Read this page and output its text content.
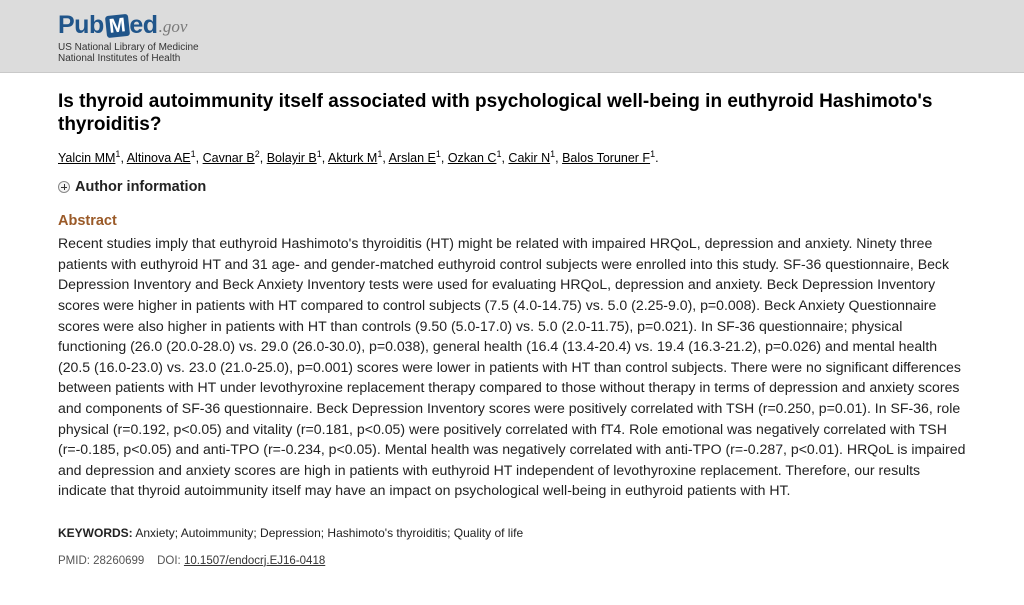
Pub M ed .gov
US National Library of Medicine
National Institutes of Health
Is thyroid autoimmunity itself associated with psychological well-being in euthyroid Hashimoto's thyroiditis?
Yalcin $MM^1$, Altinova $AE^1$, Cavnar $B^2$, Bolayir $B^1$, Akturk $M^1$, Arslan $E^1$, Ozkan $C^1$, Cakir $N^1$, Balos Toruner $F^1$.
Author information
Abstract
Recent studies imply that euthyroid Hashimoto's thyroiditis (HT) might be related with impaired HRQoL, depression and anxiety. Ninety three patients with euthyroid HT and 31 age- and gender-matched euthyroid control subjects were enrolled into this study. SF-36 questionnaire, Beck Depression Inventory and Beck Anxiety Inventory tests were used for evaluating HRQoL, depression and anxiety. Beck Depression Inventory scores were higher in patients with HT compared to control subjects (7.5 (4.0-14.75) vs. 5.0 (2.25-9.0), p=0.008). Beck Anxiety Questionnaire scores were also higher in patients with HT than controls (9.50 (5.0-17.0) vs. 5.0 (2.0-11.75), p=0.021). In SF-36 questionnaire; physical functioning (26.0 (20.0-28.0) vs. 29.0 (26.0-30.0), p=0.038), general health (16.4 (13.4-20.4) vs. 19.4 (16.3-21.2), p=0.026) and mental health (20.5 (16.0-23.0) vs. 23.0 (21.0-25.0), p=0.001) scores were lower in patients with HT than control subjects. There were no significant differences between patients with HT under levothyroxine replacement therapy compared to those without therapy in terms of depression and anxiety scores and components of SF-36 questionnaire. Beck Depression Inventory scores were positively correlated with TSH (r=0.250, p=0.01). In SF-36, role physical (r=0.192, p<0.05) and vitality (r=0.181, p<0.05) were positively correlated with fT4. Role emotional was negatively correlated with TSH (r=-0.185, p<0.05) and anti-TPO (r=-0.234, p<0.05). Mental health was negatively correlated with anti-TPO (r=-0.287, p<0.01). HRQoL is impaired and depression and anxiety scores are high in patients with euthyroid HT independent of levothyroxine replacement. Therefore, our results indicate that thyroid autoimmunity itself may have an impact on psychological well-being in euthyroid patients with HT.
KEYWORDS: Anxiety; Autoimmunity; Depression; Hashimoto's thyroiditis; Quality of life
PMID: 28260699 DOI: 10.1507/endocrj.EJ16-0418
